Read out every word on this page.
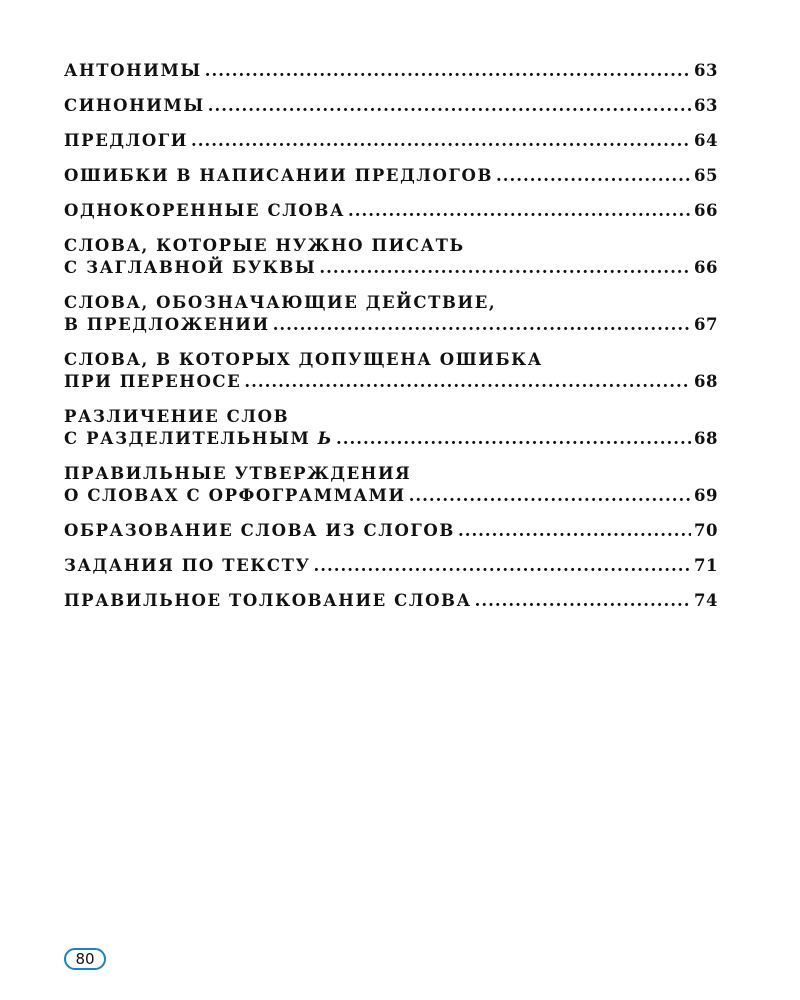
АНТОНИМЫ .....	63
СИНОНИМЫ .....	63
ПРЕДЛОГИ .....	64
ОШИБКИ В НАПИСАНИИ ПРЕДЛОГОВ .....	65
ОДНОКОРЕННЫЕ СЛОВА .....	66
СЛОВА, КОТОРЫЕ НУЖНО ПИСАТЬ
С ЗАГЛАВНОЙ БУКВЫ .....	66
СЛОВА, ОБОЗНАЧАЮЩИЕ ДЕЙСТВИЕ,
В ПРЕДЛОЖЕНИИ .....	67
СЛОВА, В КОТОРЫХ ДОПУЩЕНА ОШИБКА
ПРИ ПЕРЕНОСЕ .....	68
РАЗЛИЧЕНИЕ СЛОВ
С РАЗДЕЛИТЕЛЬНЫМ Ь .....	68
ПРАВИЛЬНЫЕ УТВЕРЖДЕНИЯ
О СЛОВАХ С ОРФОГРАММАМИ .....	69
ОБРАЗОВАНИЕ СЛОВА ИЗ СЛОГОВ .....	70
ЗАДАНИЯ ПО ТЕКСТУ .....	71
ПРАВИЛЬНОЕ ТОЛКОВАНИЕ СЛОВА .....	74
80
